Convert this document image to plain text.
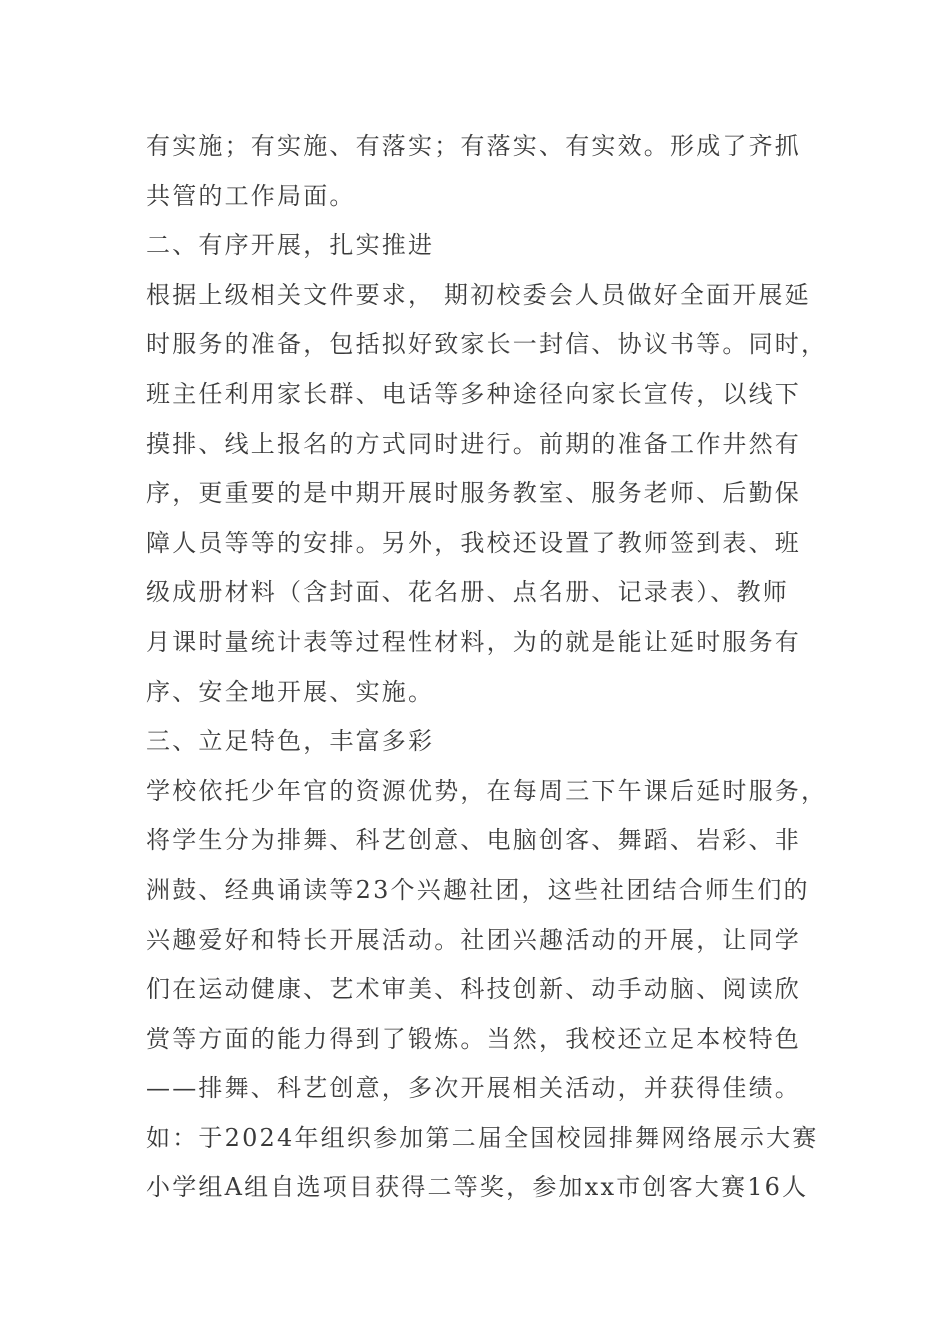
有实施；有实施、有落实；有落实、有实效。形成了齐抓
共管的工作局面。
二、有序开展，扎实推进
根据上级相关文件要求， 期初校委会人员做好全面开展延
时服务的准备，包括拟好致家长一封信、协议书等。同时，
班主任利用家长群、电话等多种途径向家长宣传，以线下
摸排、线上报名的方式同时进行。前期的准备工作井然有
序，更重要的是中期开展时服务教室、服务老师、后勤保
障人员等等的安排。另外，我校还设置了教师签到表、班
级成册材料（含封面、花名册、点名册、记录表）、教师
月课时量统计表等过程性材料，为的就是能让延时服务有
序、安全地开展、实施。
三、立足特色，丰富多彩
学校依托少年官的资源优势，在每周三下午课后延时服务，
将学生分为排舞、科艺创意、电脑创客、舞蹈、岩彩、非
洲鼓、经典诵读等23个兴趣社团，这些社团结合师生们的
兴趣爱好和特长开展活动。社团兴趣活动的开展，让同学
们在运动健康、艺术审美、科技创新、动手动脑、阅读欣
赏等方面的能力得到了锻炼。当然，我校还立足本校特色
——排舞、科艺创意，多次开展相关活动，并获得佳绩。
如：于2024年组织参加第二届全国校园排舞网络展示大赛
小学组A组自选项目获得二等奖，参加xx市创客大赛16人
